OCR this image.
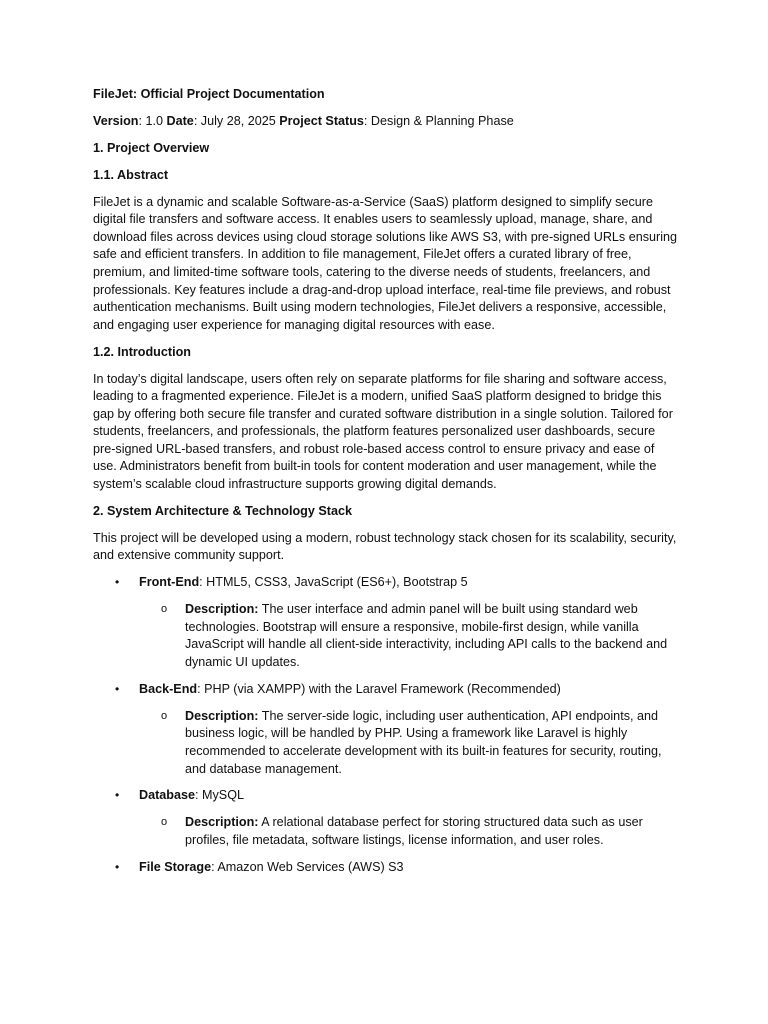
FileJet: Official Project Documentation

Version: 1.0 Date: July 28, 2025 Project Status: Design & Planning Phase

1. Project Overview

1.1. Abstract

FileJet is a dynamic and scalable Software-as-a-Service (SaaS) platform designed to simplify secure digital file transfers and software access. It enables users to seamlessly upload, manage, share, and download files across devices using cloud storage solutions like AWS S3, with pre-signed URLs ensuring safe and efficient transfers. In addition to file management, FileJet offers a curated library of free, premium, and limited-time software tools, catering to the diverse needs of students, freelancers, and professionals. Key features include a drag-and-drop upload interface, real-time file previews, and robust authentication mechanisms. Built using modern technologies, FileJet delivers a responsive, accessible, and engaging user experience for managing digital resources with ease.

1.2. Introduction

In today’s digital landscape, users often rely on separate platforms for file sharing and software access, leading to a fragmented experience. FileJet is a modern, unified SaaS platform designed to bridge this gap by offering both secure file transfer and curated software distribution in a single solution. Tailored for students, freelancers, and professionals, the platform features personalized user dashboards, secure pre-signed URL-based transfers, and robust role-based access control to ensure privacy and ease of use. Administrators benefit from built-in tools for content moderation and user management, while the system’s scalable cloud infrastructure supports growing digital demands.

2. System Architecture & Technology Stack

This project will be developed using a modern, robust technology stack chosen for its scalability, security, and extensive community support.

• Front-End: HTML5, CSS3, JavaScript (ES6+), Bootstrap 5
o Description: The user interface and admin panel will be built using standard web technologies. Bootstrap will ensure a responsive, mobile-first design, while vanilla JavaScript will handle all client-side interactivity, including API calls to the backend and dynamic UI updates.
• Back-End: PHP (via XAMPP) with the Laravel Framework (Recommended)
o Description: The server-side logic, including user authentication, API endpoints, and business logic, will be handled by PHP. Using a framework like Laravel is highly recommended to accelerate development with its built-in features for security, routing, and database management.
• Database: MySQL
o Description: A relational database perfect for storing structured data such as user profiles, file metadata, software listings, license information, and user roles.
• File Storage: Amazon Web Services (AWS) S3
